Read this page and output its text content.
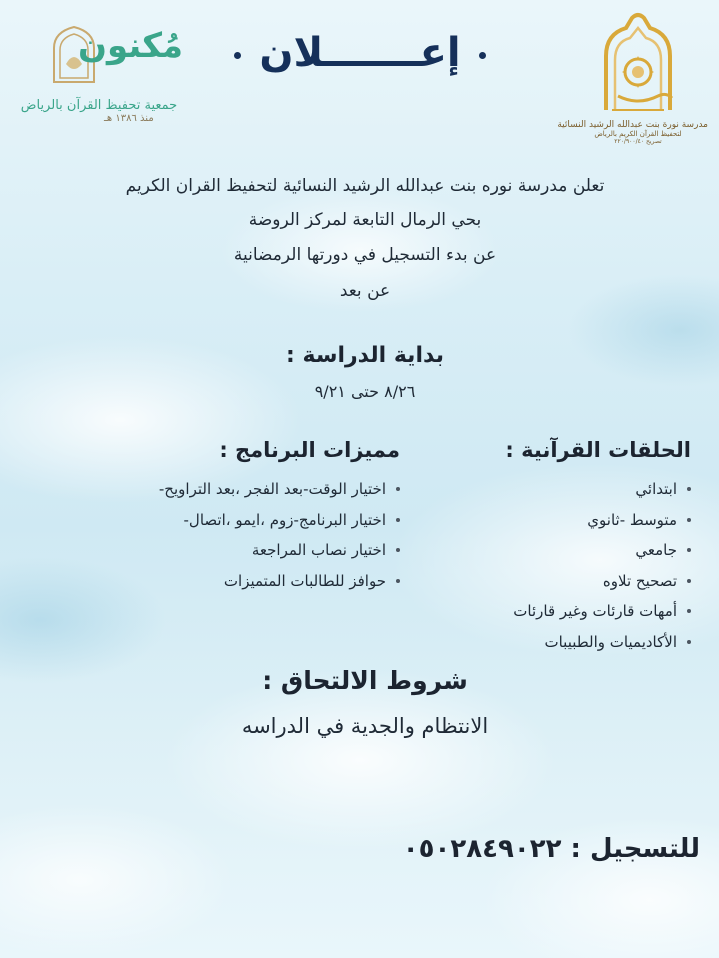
مدرسة نورة بنت عبدالله الرشيد النسائية
لتحفيظ القرآن الكريم بالرياض
تصريح ٢٢٠/٩٠٠/٤٠
مُكنون
جمعية تحفيظ القرآن بالرياض
منذ ١٣٨٦ هـ
إعـــــــلان
تعلن مدرسة نوره بنت عبدالله الرشيد النسائية لتحفيظ القران الكريم
بحي الرمال التابعة لمركز الروضة
عن بدء التسجيل في دورتها الرمضانية
عن بعد
بداية الدراسة :
٨/٢٦ حتى ٩/٢١
الحلقات القرآنية :
ابتدائي
متوسط -ثانوي
جامعي
تصحيح تلاوه
أمهات قارئات وغير قارئات
الأكاديميات والطبيبات
مميزات البرنامج :
اختيار الوقت-بعد الفجر ،بعد التراويح-
اختيار البرنامج-زوم ،ايمو ،اتصال-
اختيار نصاب المراجعة
حوافز للطالبات المتميزات
شروط الالتحاق :
الانتظام والجدية في الدراسه
للتسجيل : ٠٥٠٢٨٤٩٠٢٢
